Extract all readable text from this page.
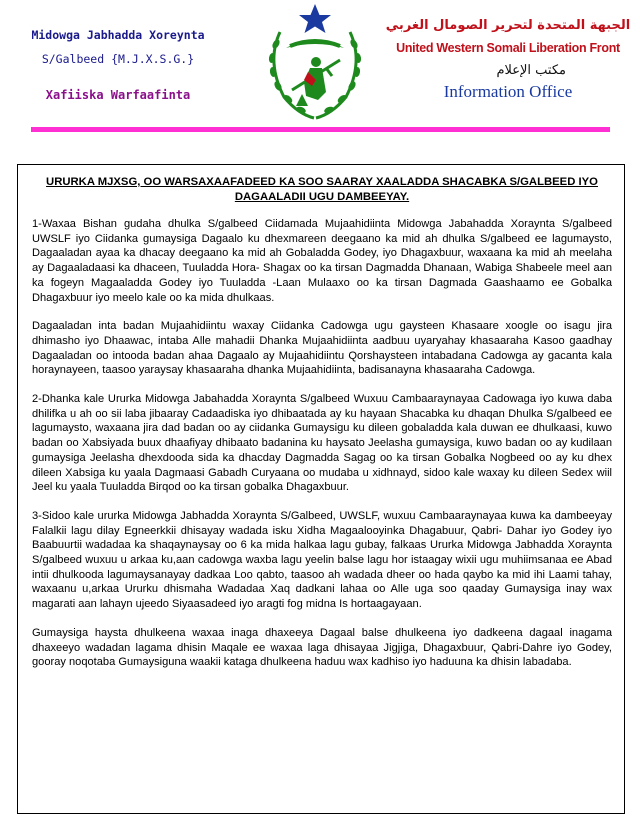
Midowga Jabhadda Xoreynta
S/Galbeed {M.J.X.S.G.}
Xafiiska Warfaafinta
الجبهة المتحدة لتحرير الصومال الغربي
United Western Somali Liberation Front
مكتب الإعلام
Information Office
URURKA MJXSG, OO WARSAXAAFADEED KA SOO SAARAY XAALADDA SHACABKA S/GALBEED IYO DAGAALADII UGU DAMBEEYAY.

1-Waxaa Bishan gudaha dhulka S/galbeed Ciidamada Mujaahidiinta Midowga Jabahadda Xoraynta S/galbeed UWSLF iyo Ciidanka gumaysiga Dagaalo ku dhexmareen deegaano ka mid ah dhulka S/galbeed ee lagumaysto, Dagaaladan ayaa ka dhacay deegaano ka mid ah Gobaladda Godey, iyo Dhagaxbuur, waxaana ka mid ah meelaha ay Dagaaladaasi ka dhaceen, Tuuladda Hora- Shagax oo ka tirsan Dagmadda Dhanaan, Wabiga Shabeele meel aan ka fogeyn Magaaladda Godey iyo Tuuladda -Laan Mulaaxo oo ka tirsan Dagmada Gaashaamo ee Gobalka Dhagaxbuur iyo meelo kale oo ka mida dhulkaas.

Dagaaladan inta badan Mujaahidiintu waxay Ciidanka Cadowga ugu gaysteen Khasaare xoogle oo isagu jira dhimasho iyo Dhaawac, intaba Alle mahadii Dhanka Mujaahidiinta aadbuu uyaryahay khasaaraha Kasoo gaadhay Dagaaladan oo intooda badan ahaa Dagaalo ay Mujaahidiintu Qorshaysteen intabadana Cadowga ay gacanta kala horaynayeen, taasoo yaraysay khasaaraha dhanka Mujaahidiinta, badisanayna khasaaraha Cadowga.

2-Dhanka kale Ururka Midowga Jabahadda Xoraynta S/galbeed Wuxuu Cambaaraynayaa Cadowaga iyo kuwa daba dhilifka u ah oo sii laba jibaaray Cadaadiska iyo dhibaatada ay ku hayaan Shacabka ku dhaqan Dhulka S/galbeed ee lagumaysto, waxaana jira dad badan oo ay ciidanka Gumaysigu ku dileen gobaladda kala duwan ee dhulkaasi, kuwo badan oo Xabsiyada buux dhaafiyay dhibaato badanina ku haysato Jeelasha gumaysiga, kuwo badan oo ay kudilaan gumaysiga Jeelasha dhexdooda sida ka dhacday Dagmadda Sagag oo ka tirsan Gobalka Nogbeed oo ay ku dhex dileen Xabsiga ku yaala Dagmaasi Gabadh Curyaana oo mudaba u xidhnayd, sidoo kale waxay ku dileen Sedex wiil Jeel ku yaala Tuuladda Birqod oo ka tirsan gobalka Dhagaxbuur.

3-Sidoo kale ururka Midowga Jabhadda Xoraynta S/Galbeed, UWSLF, wuxuu Cambaaraynayaa kuwa ka dambeeyay Falalkii lagu dilay Egneerkkii dhisayay wadada isku Xidha Magaalooyinka Dhagabuur, Qabri- Dahar iyo Godey iyo Baabuurtii wadadaa ka shaqaynaysay oo 6 ka mida halkaa lagu gubay, falkaas Ururka Midowga Jabhadda Xoraynta S/galbeed wuxuu u arkaa ku,aan cadowga waxba lagu yeelin balse lagu hor istaagay wixii ugu muhiimsanaa ee Abad intii dhulkooda lagumaysanayay dadkaa Loo qabto, taasoo ah wadada dheer oo hada qaybo ka mid ihi Laami tahay, waxaanu u,arkaa Ururku dhismaha Wadadaa Xaq dadkani lahaa oo Alle uga soo qaaday Gumaysiga inay wax magarati aan lahayn ujeedo Siyaasadeed iyo aragti fog midna Is hortaagayaan.

Gumaysiga haysta dhulkeena waxaa inaga dhaxeeya Dagaal balse dhulkeena iyo dadkeena dagaal inagama dhaxeeyo wadadan lagama dhisin Maqale ee waxaa laga dhisayaa Jigjiga, Dhagaxbuur, Qabri-Dahre iyo Godey, gooray noqotaba Gumaysiguna waakii kataga dhulkeena haduu wax kadhiso iyo haduuna ka dhisin labadaba.
